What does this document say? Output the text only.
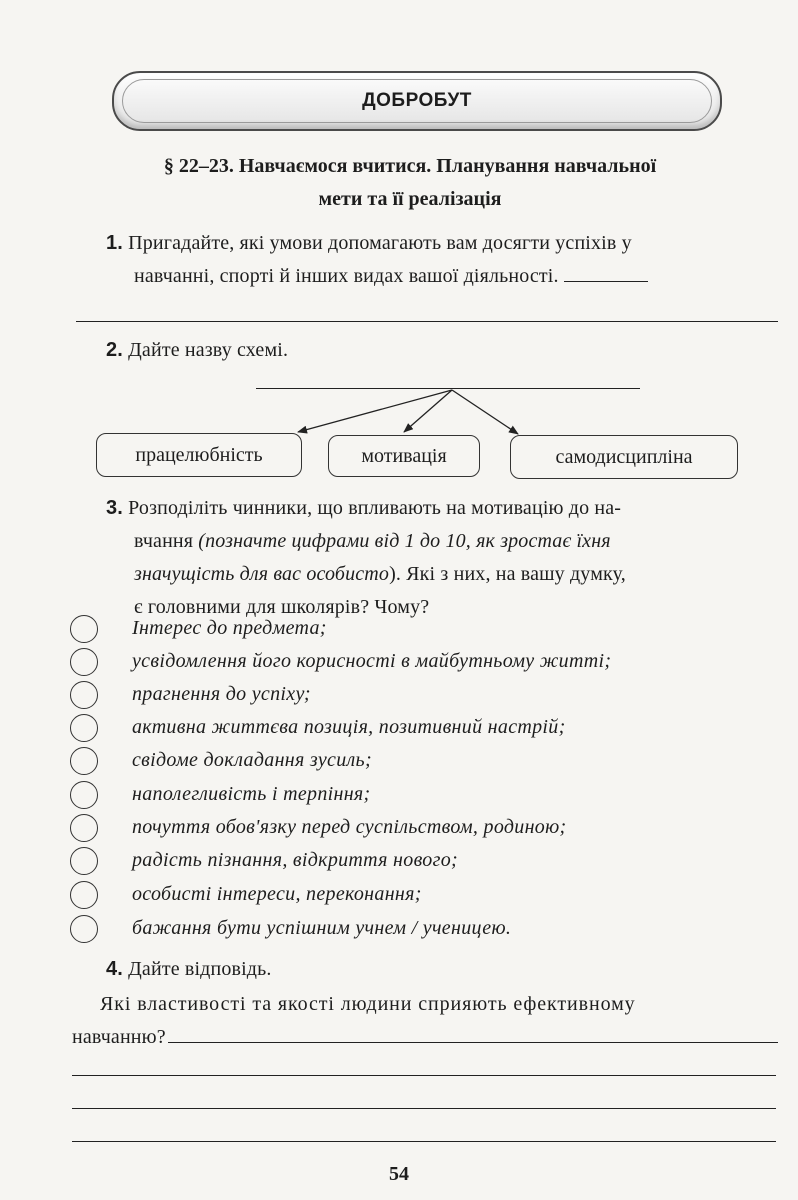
ДОБРОБУТ
§ 22–23. Навчаємося вчитися. Планування навчальної
мети та її реалізація
1. Пригадайте, які умови допомагають вам досягти успіхів у
навчанні, спорті й інших видах вашої діяльності.
2. Дайте назву схемі.
працелюбність	мотивація	самодисципліна
3. Розподіліть чинники, що впливають на мотивацію до на-
вчання (позначте цифрами від 1 до 10, як зростає їхня
значущість для вас особисто). Які з них, на вашу думку,
є головними для школярів? Чому?
Інтерес до предмета;
усвідомлення його корисності в майбутньому житті;
прагнення до успіху;
активна життєва позиція, позитивний настрій;
свідоме докладання зусиль;
наполегливість і терпіння;
почуття обов'язку перед суспільством, родиною;
радість пізнання, відкриття нового;
особисті інтереси, переконання;
бажання бути успішним учнем / ученицею.
4. Дайте відповідь.
Які властивості та якості людини сприяють ефективному
навчанню?
54
